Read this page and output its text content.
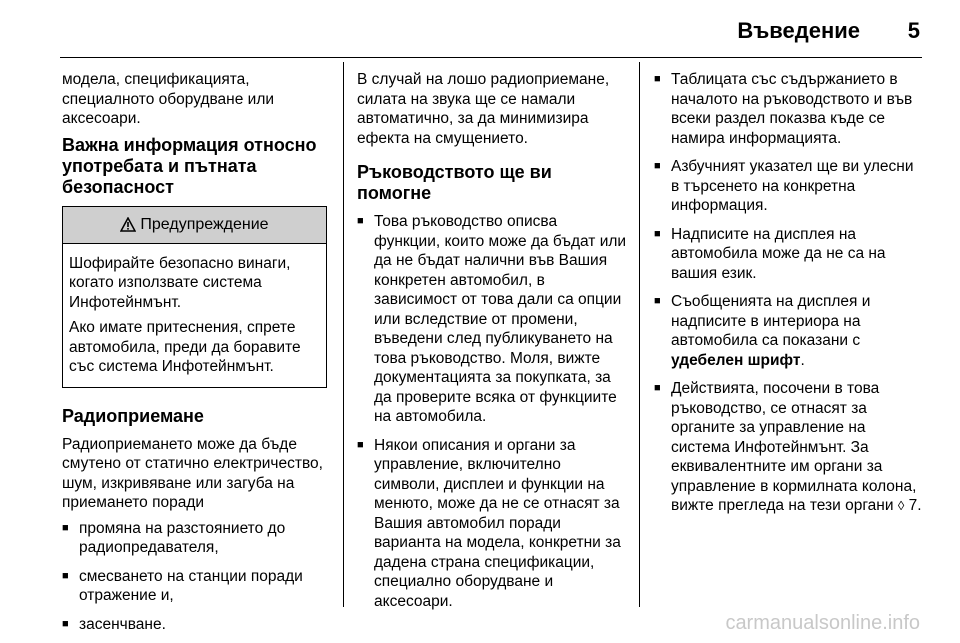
Въведение 5

модела, спецификацията, специалното оборудване или аксесоари.

Важна информация относно употребата и пътната безопасност
Предупреждение

Шофирайте безопасно винаги, когато използвате система Инфотейнмънт.

Ако имате притеснения, спрете автомобила, преди да боравите със система Инфотейнмънт.

Радиоприемане

Радиоприемането може да бъде смутено от статично електричество, шум, изкривяване или загуба на приемането поради

■ промяна на разстоянието до радиопредавателя,
■ смесването на станции поради отражение и,
■ засенчване.

В случай на лошо радиоприемане, силата на звука ще се намали автоматично, за да минимизира ефекта на смущението.

Ръководството ще ви помогне
■ Това ръководство описва функции, които може да бъдат или да не бъдат налични във Вашия конкретен автомобил, в зависимост от това дали са опции или вследствие от промени, въведени след публикуването на това ръководство. Моля, вижте документацията за покупката, за да проверите всяка от функциите на автомобила.
■ Някои описания и органи за управление, включително символи, дисплеи и функции на менюто, може да не се отнасят за Вашия автомобил поради варианта на модела, конкретни за дадена страна спецификации, специално оборудване и аксесоари.
■ Таблицата със съдържанието в началото на ръководството и във всеки раздел показва къде се намира информацията.
■ Азбучният указател ще ви улесни в търсенето на конкретна информация.
■ Надписите на дисплея на автомобила може да не са на вашия език.
■ Съобщенията на дисплея и надписите в интериора на автомобила са показани с удебелен шрифт.
■ Действията, посочени в това ръководство, се отнасят за органите за управление на система Инфотейнмънт. За еквивалентните им органи за управление в кормилната колона, вижте прегледа на тези органи ◊ 7.
carmanualsonline.info
